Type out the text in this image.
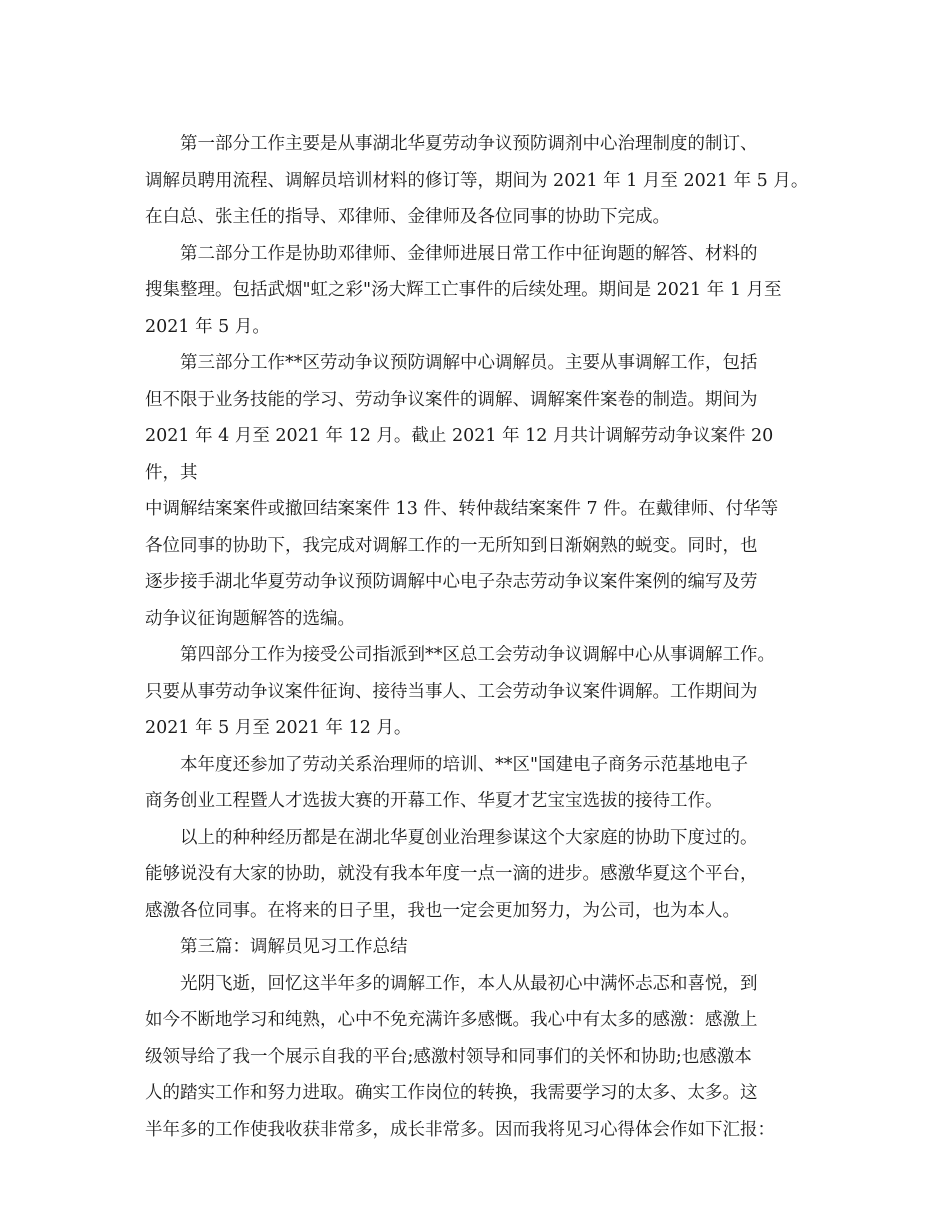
第一部分工作主要是从事湖北华夏劳动争议预防调剂中心治理制度的制订、
调解员聘用流程、调解员培训材料的修订等，期间为 2021 年 1 月至 2021 年 5 月。
在白总、张主任的指导、邓律师、金律师及各位同事的协助下完成。

第二部分工作是协助邓律师、金律师进展日常工作中征询题的解答、材料的
搜集整理。包括武烟"虹之彩"汤大辉工亡事件的后续处理。期间是 2021 年 1 月至
2021 年 5 月。

第三部分工作**区劳动争议预防调解中心调解员。主要从事调解工作，包括
但不限于业务技能的学习、劳动争议案件的调解、调解案件案卷的制造。期间为
2021 年 4 月至 2021 年 12 月。截止 2021 年 12 月共计调解劳动争议案件 20 件，其
中调解结案案件或撤回结案案件 13 件、转仲裁结案案件 7 件。在戴律师、付华等
各位同事的协助下，我完成对调解工作的一无所知到日渐娴熟的蜕变。同时，也
逐步接手湖北华夏劳动争议预防调解中心电子杂志劳动争议案件案例的编写及劳
动争议征询题解答的选编。

第四部分工作为接受公司指派到**区总工会劳动争议调解中心从事调解工作。
只要从事劳动争议案件征询、接待当事人、工会劳动争议案件调解。工作期间为
2021 年 5 月至 2021 年 12 月。

本年度还参加了劳动关系治理师的培训、**区"国建电子商务示范基地电子
商务创业工程暨人才选拔大赛的开幕工作、华夏才艺宝宝选拔的接待工作。

以上的种种经历都是在湖北华夏创业治理参谋这个大家庭的协助下度过的。
能够说没有大家的协助，就没有我本年度一点一滴的进步。感激华夏这个平台，
感激各位同事。在将来的日子里，我也一定会更加努力，为公司，也为本人。

第三篇：调解员见习工作总结

光阴飞逝，回忆这半年多的调解工作，本人从最初心中满怀忐忑和喜悦，到
如今不断地学习和纯熟，心中不免充满许多感慨。我心中有太多的感激：感激上
级领导给了我一个展示自我的平台;感激村领导和同事们的关怀和协助;也感激本
人的踏实工作和努力进取。确实工作岗位的转换，我需要学习的太多、太多。这
半年多的工作使我收获非常多，成长非常多。因而我将见习心得体会作如下汇报：
